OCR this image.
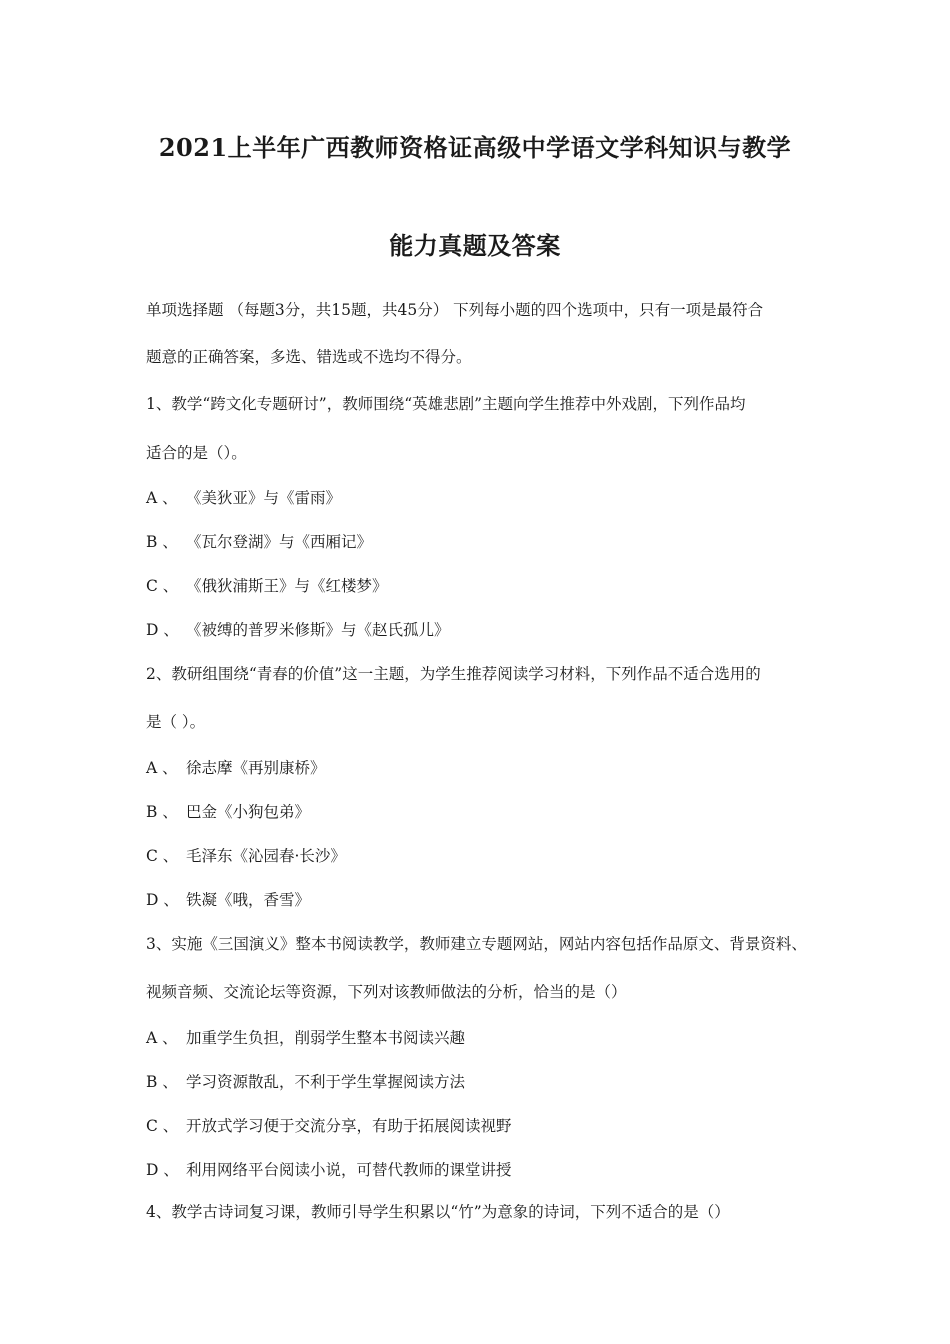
2021上半年广西教师资格证高级中学语文学科知识与教学
能力真题及答案
单项选择题 （每题3分，共15题，共45分） 下列每小题的四个选项中，只有一项是最符合
题意的正确答案，多选、错选或不选均不得分。
1、教学“跨文化专题研讨”，教师围绕“英雄悲剧”主题向学生推荐中外戏剧，下列作品均
适合的是（）。
A 、 《美狄亚》与《雷雨》
B 、 《瓦尔登湖》与《西厢记》
C 、 《俄狄浦斯王》与《红楼梦》
D 、 《被缚的普罗米修斯》与《赵氏孤儿》
2、教研组围绕“青春的价值”这一主题，为学生推荐阅读学习材料，下列作品不适合选用的
是（ ）。
A 、 徐志摩《再别康桥》
B 、 巴金《小狗包弟》
C 、 毛泽东《沁园春·长沙》
D 、 铁凝《哦，香雪》
3、实施《三国演义》整本书阅读教学，教师建立专题网站，网站内容包括作品原文、背景资料、
视频音频、交流论坛等资源，下列对该教师做法的分析，恰当的是（）
A 、 加重学生负担，削弱学生整本书阅读兴趣
B 、 学习资源散乱，不利于学生掌握阅读方法
C 、 开放式学习便于交流分享，有助于拓展阅读视野
D 、 利用网络平台阅读小说，可替代教师的课堂讲授
4、教学古诗词复习课，教师引导学生积累以“竹”为意象的诗词，下列不适合的是（）
